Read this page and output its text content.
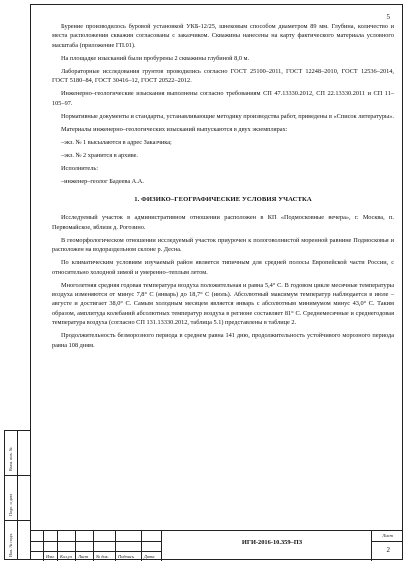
5

Бурение производилось буровой установкой УКБ-12/25, шнековым способом диаметром 89 мм. Глубина, количество и места расположения скважин согласованы с заказчиком. Скважины нанесены на карту фактического материала условного масштаба (приложение ГП.01).

На площадке изысканий были пробурены 2 скважины глубиной 8,0 м.

Лабораторные исследования грунтов проводились согласно ГОСТ 25100–2011, ГОСТ 12248–2010, ГОСТ 12536–2014, ГОСТ 5180–84, ГОСТ 30416–12, ГОСТ 20522–2012.

Инженерно–геологические изыскания выполнены согласно требованиям СП 47.13330.2012, СП 22.13330.2011 и СП 11–105–97.

Нормативные документы и стандарты, устанавливающие методику производства работ, приведены в «Список литературы».

Материалы инженерно–геологических изысканий выпускаются в двух экземплярах:

–экз. № 1 высылаются в адрес Заказчика;

–экз. № 2 хранится в архиве.

Исполнитель:

–инженер–геолог Бадеева А.А.

1. ФИЗИКО–ГЕОГРАФИЧЕСКИЕ УСЛОВИЯ УЧАСТКА

Исследуемый участок в административном отношении расположен в КП «Подмосковные вечера», г. Москва, п. Первомайское, вблизи д. Рогозино.

В геоморфологическом отношении исследуемый участок приурочен к пологоволнистой моренной равнине Подмосковья и расположен на водораздельном склоне р. Десна.

По климатическим условиям изучаемый район является типичным для средней полосы Европейской части России, с относительно холодной зимой и умеренно–теплым летом.

Многолетняя средняя годовая температура воздуха положительная и равна 5,4° С. В годовом цикле месячные температуры воздуха изменяются от минус 7,8° С (январь) до 18,7° С (июль). Абсолютный максимум температур наблюдается в июле – августе и достигает 38,0° С. Самым холодным месяцем является январь с абсолютным минимумом минус 43,0° С. Таким образом, амплитуда колебаний абсолютных температур воздуха в регионе составляет 81° С. Среднемесячные и среднегодовая температура воздуха (согласно СП 131.13330.2012, таблица 5.1) представлены в таблице 2.

Продолжительность безморозного периода в среднем равна 141 дню, продолжительность устойчивого морозного периода равна 108 дням.

Взам. инв. №
Подп. и дата
Инв. № подл.	Изм. Кол.уч Лист № док. Подпись Дата
ИГИ-2016-10.359–ПЗ
Лист
2
